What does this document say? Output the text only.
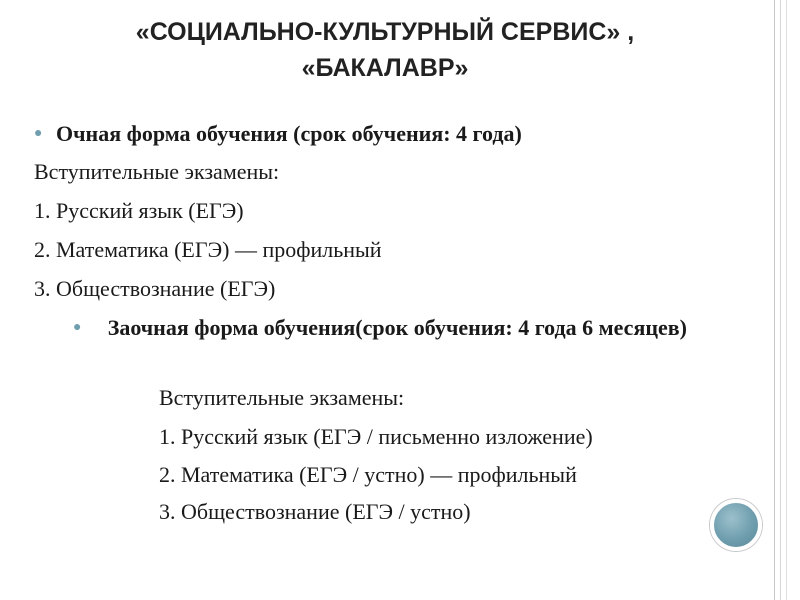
«СОЦИАЛЬНО-КУЛЬТУРНЫЙ СЕРВИС» ,
«БАКАЛАВР»
● Очная форма обучения (срок обучения: 4 года)
Вступительные экзамены:
1. Русский язык (ЕГЭ)
2. Математика (ЕГЭ) — профильный
3. Обществознание (ЕГЭ)
●	Заочная форма обучения(срок обучения: 4 года 6 месяцев)
Вступительные экзамены:
1. Русский язык (ЕГЭ / письменно изложение)
2. Математика (ЕГЭ / устно) — профильный
3. Обществознание (ЕГЭ / устно)
